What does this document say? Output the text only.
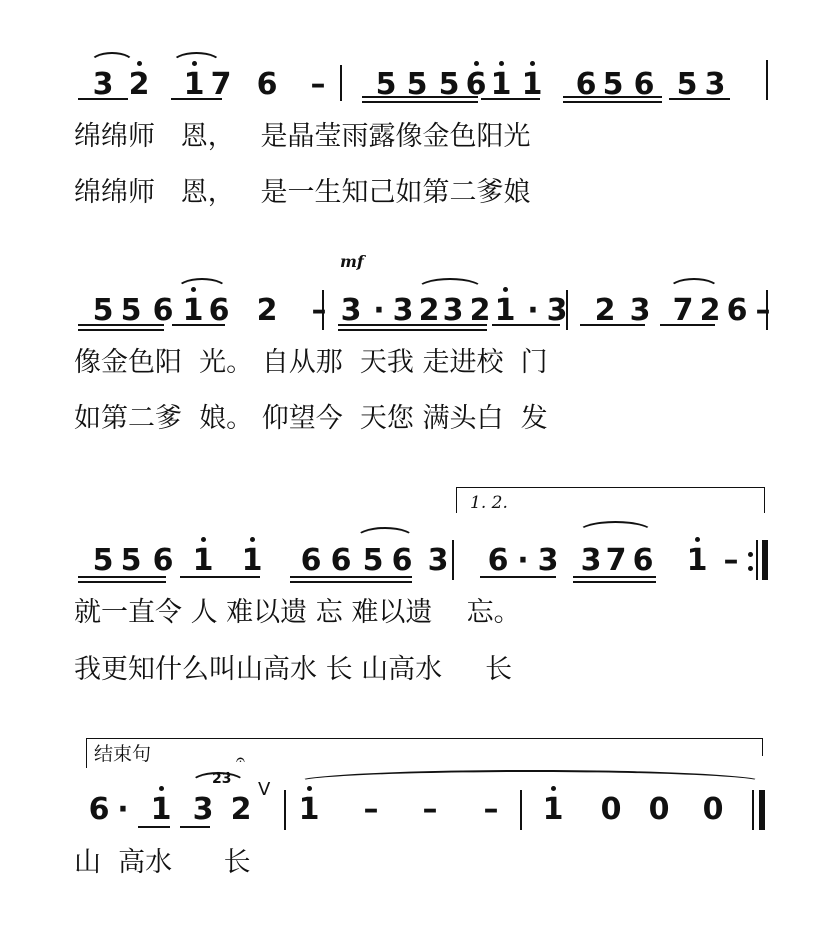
3 2 1 7 6 – 5 5 5 6 1 1 6 5 6 5 3
绵绵师   恩，   是晶莹雨露像金色阳光
绵绵师   恩，   是一生知己如第二爹娘
5 5 6 1 6 2 – 3 · 3 2 3 2 1 · 3 2 3 7 2 6 –
像金色阳  光。 自从那  天我 走进校  门
如第二爹  娘。 仰望今  天您 满头白  发
mf
5 5 6 1 1 6 6 5 6 3 6 · 3 3 7 6 1 –
就一直令 人 难以遗 忘 难以遗    忘。
我更知什么叫山高水 长 山高水     长
1. 2.
6 · 1 3 2 1 – – – 1 0 0 0
山  高水      长
结束句
V
2̇3̇
𝄐
